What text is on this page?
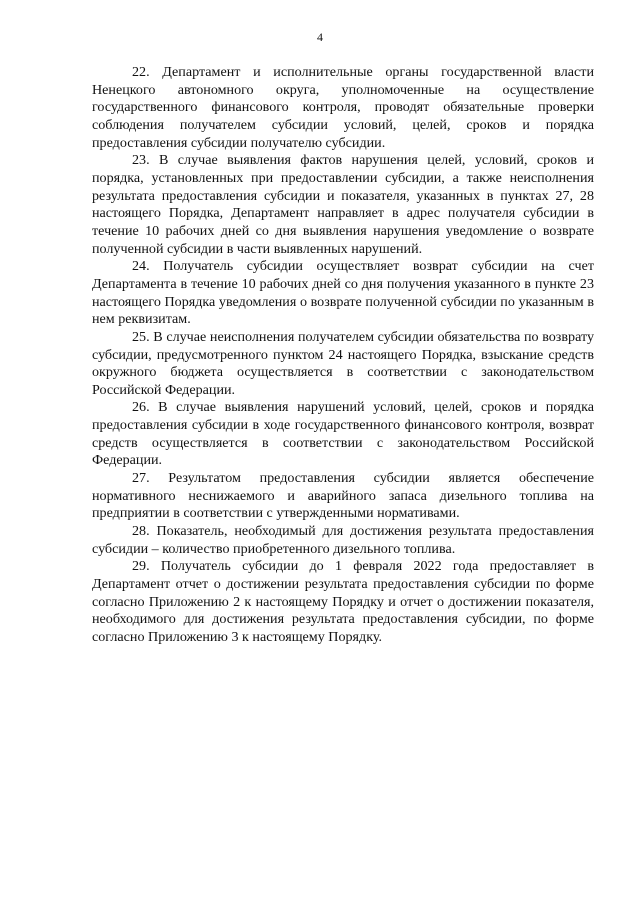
4

22. Департамент и исполнительные органы государственной власти Ненецкого автономного округа, уполномоченные на осуществление государственного финансового контроля, проводят обязательные проверки соблюдения получателем субсидии условий, целей, сроков и порядка предоставления субсидии получателю субсидии.

23. В случае выявления фактов нарушения целей, условий, сроков и порядка, установленных при предоставлении субсидии, а также неисполнения результата предоставления субсидии и показателя, указанных в пунктах 27, 28 настоящего Порядка, Департамент направляет в адрес получателя субсидии в течение 10 рабочих дней со дня выявления нарушения уведомление о возврате полученной субсидии в части выявленных нарушений.

24. Получатель субсидии осуществляет возврат субсидии на счет Департамента в течение 10 рабочих дней со дня получения указанного в пункте 23 настоящего Порядка уведомления о возврате полученной субсидии по указанным в нем реквизитам.

25. В случае неисполнения получателем субсидии обязательства по возврату субсидии, предусмотренного пунктом 24 настоящего Порядка, взыскание средств окружного бюджета осуществляется в соответствии с законодательством Российской Федерации.

26. В случае выявления нарушений условий, целей, сроков и порядка предоставления субсидии в ходе государственного финансового контроля, возврат средств осуществляется в соответствии с законодательством Российской Федерации.

27. Результатом предоставления субсидии является обеспечение нормативного неснижаемого и аварийного запаса дизельного топлива на предприятии в соответствии с утвержденными нормативами.

28. Показатель, необходимый для достижения результата предоставления субсидии – количество приобретенного дизельного топлива.

29. Получатель субсидии до 1 февраля 2022 года предоставляет в Департамент отчет о достижении результата предоставления субсидии по форме согласно Приложению 2 к настоящему Порядку и отчет о достижении показателя, необходимого для достижения результата предоставления субсидии, по форме согласно Приложению 3 к настоящему Порядку.
